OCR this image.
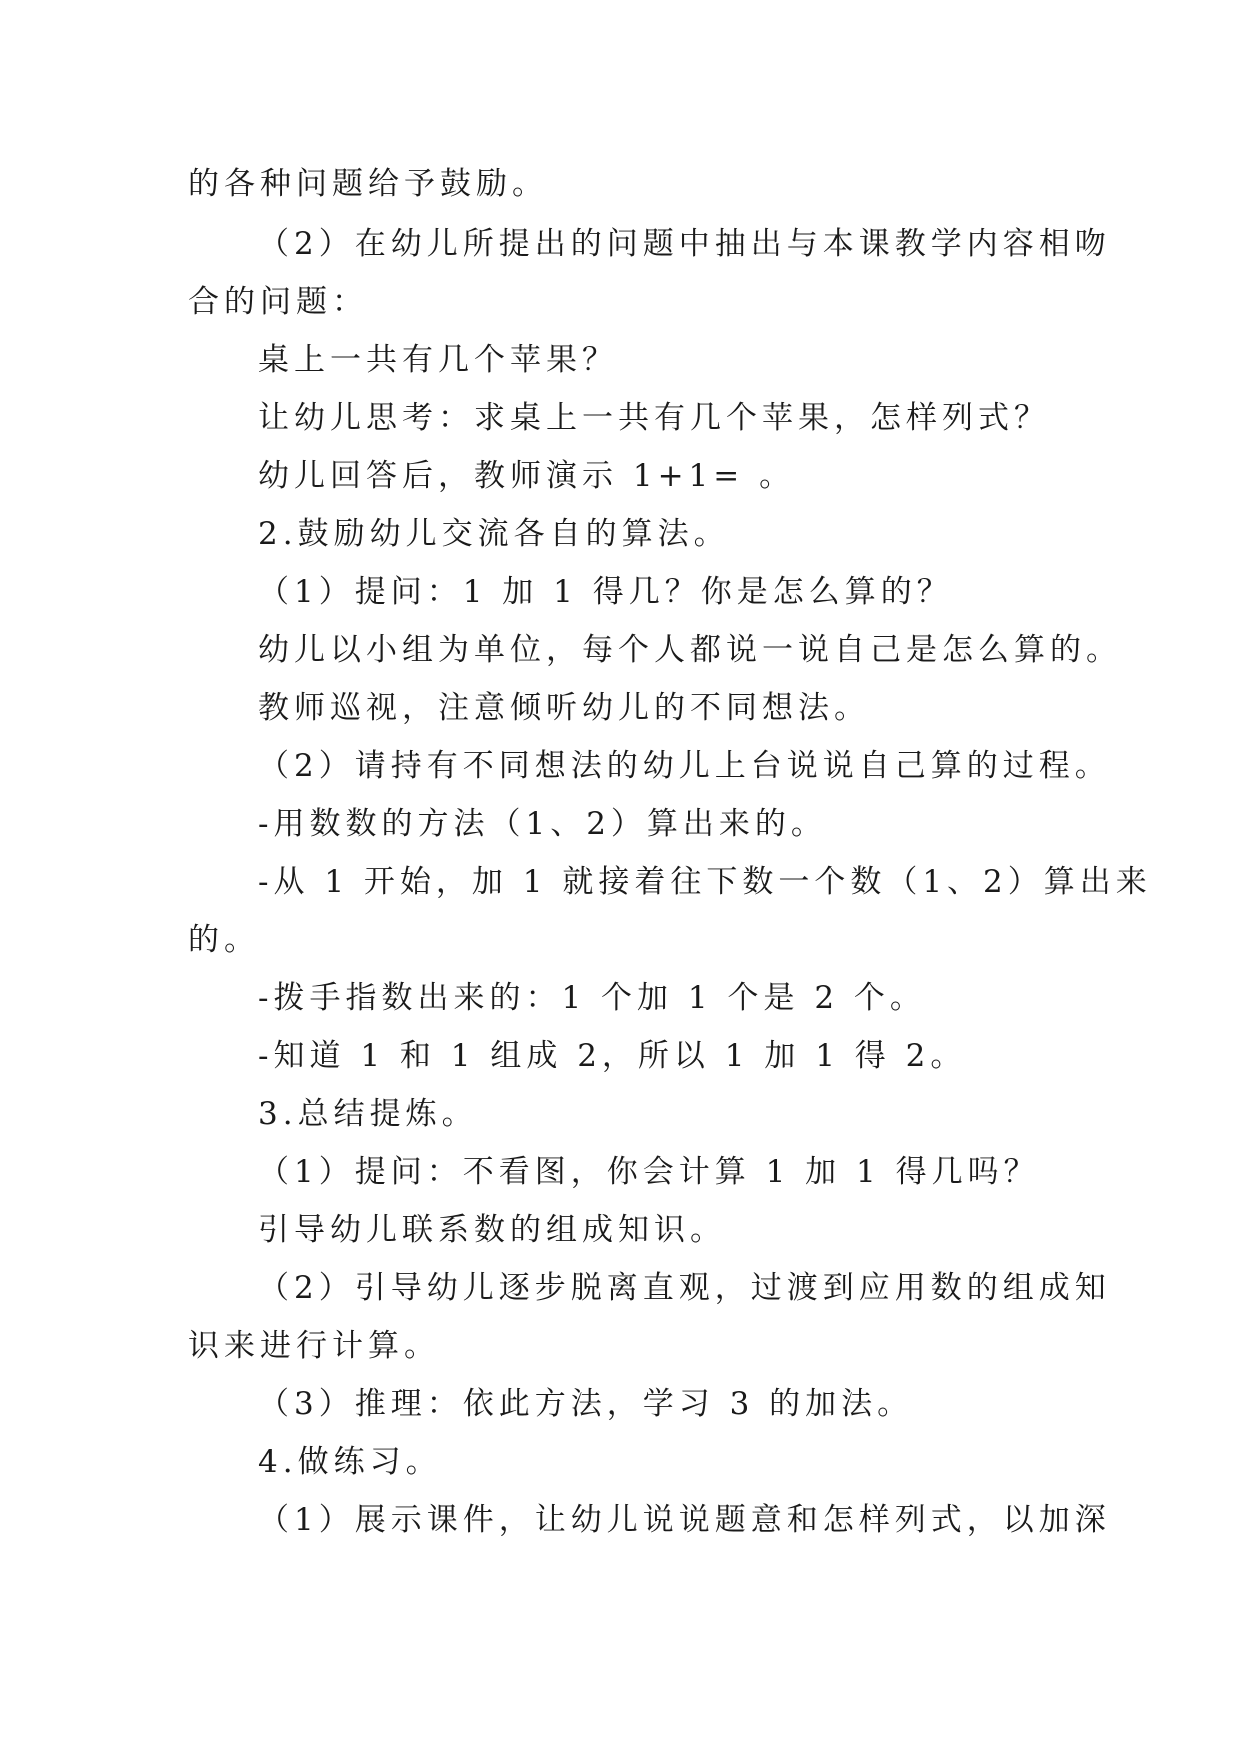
的各种问题给予鼓励。
（2）在幼儿所提出的问题中抽出与本课教学内容相吻
合的问题：
桌上一共有几个苹果？
让幼儿思考：求桌上一共有几个苹果，怎样列式？
幼儿回答后，教师演示 1+1= 。
2.鼓励幼儿交流各自的算法。
（1）提问：1 加 1 得几？你是怎么算的？
幼儿以小组为单位，每个人都说一说自己是怎么算的。
教师巡视，注意倾听幼儿的不同想法。
（2）请持有不同想法的幼儿上台说说自己算的过程。
-用数数的方法（1、2）算出来的。
-从 1 开始，加 1 就接着往下数一个数（1、2）算出来
的。
-拨手指数出来的：1 个加 1 个是 2 个。
-知道 1 和 1 组成 2，所以 1 加 1 得 2。
3.总结提炼。
（1）提问：不看图，你会计算 1 加 1 得几吗？
引导幼儿联系数的组成知识。
（2）引导幼儿逐步脱离直观，过渡到应用数的组成知
识来进行计算。
（3）推理：依此方法，学习 3 的加法。
4.做练习。
（1）展示课件，让幼儿说说题意和怎样列式，以加深
